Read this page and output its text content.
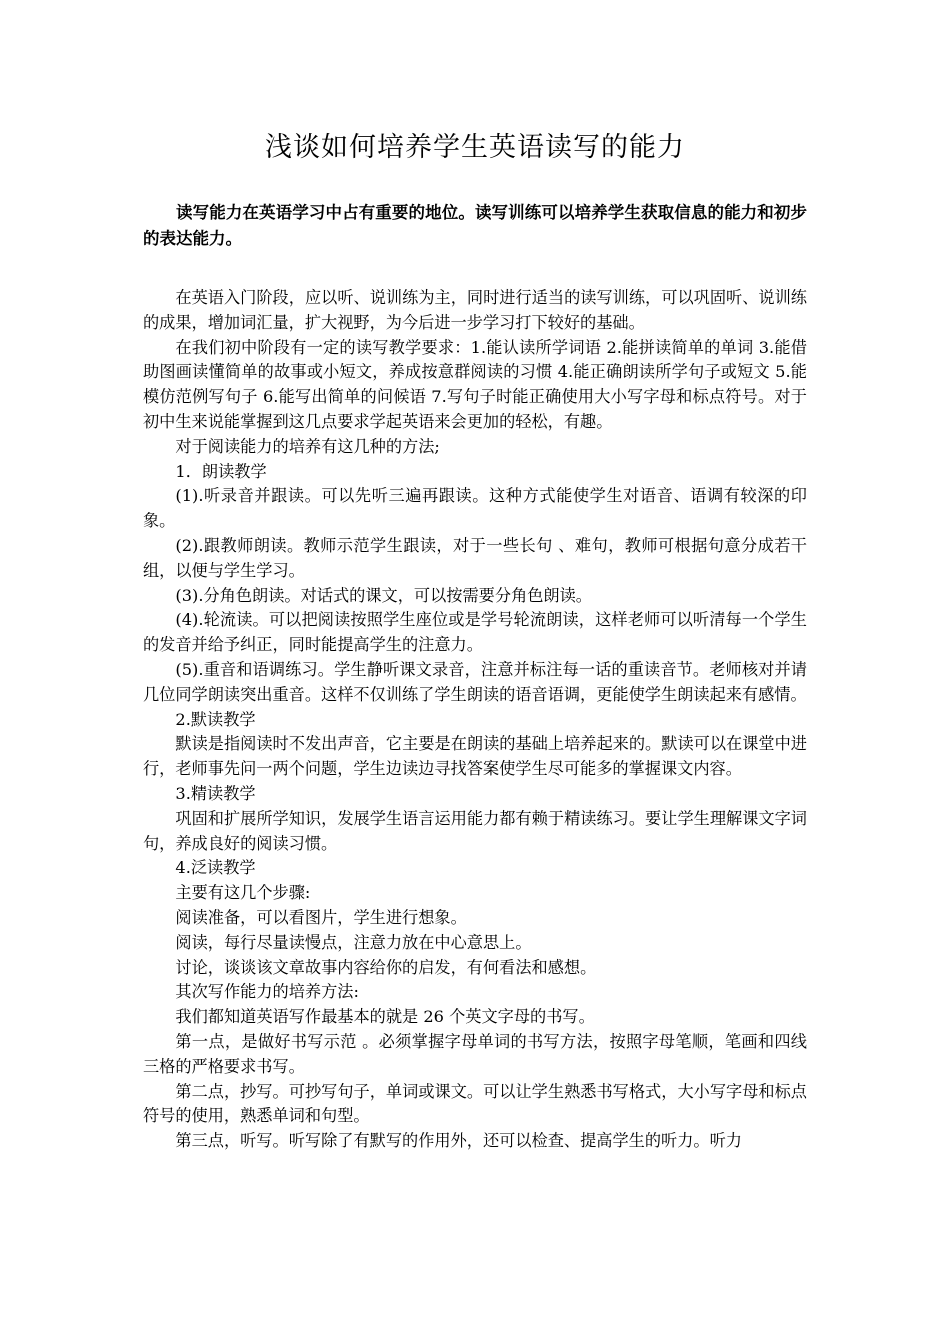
浅谈如何培养学生英语读写的能力

读写能力在英语学习中占有重要的地位。读写训练可以培养学生获取信息的能力和初步的表达能力。

在英语入门阶段，应以听、说训练为主，同时进行适当的读写训练，可以巩固听、说训练的成果，增加词汇量，扩大视野，为今后进一步学习打下较好的基础。

在我们初中阶段有一定的读写教学要求：1.能认读所学词语 2.能拼读简单的单词 3.能借助图画读懂简单的故事或小短文，养成按意群阅读的习惯 4.能正确朗读所学句子或短文 5.能模仿范例写句子 6.能写出简单的问候语 7.写句子时能正确使用大小写字母和标点符号。对于初中生来说能掌握到这几点要求学起英语来会更加的轻松，有趣。

对于阅读能力的培养有这几种的方法;

1．朗读教学

(1).听录音并跟读。可以先听三遍再跟读。这种方式能使学生对语音、语调有较深的印象。

(2).跟教师朗读。教师示范学生跟读，对于一些长句 、难句，教师可根据句意分成若干组，以便与学生学习。

(3).分角色朗读。对话式的课文，可以按需要分角色朗读。

(4).轮流读。可以把阅读按照学生座位或是学号轮流朗读，这样老师可以听清每一个学生的发音并给予纠正，同时能提高学生的注意力。

(5).重音和语调练习。学生静听课文录音，注意并标注每一话的重读音节。老师核对并请几位同学朗读突出重音。这样不仅训练了学生朗读的语音语调，更能使学生朗读起来有感情。

2.默读教学

默读是指阅读时不发出声音，它主要是在朗读的基础上培养起来的。默读可以在课堂中进行，老师事先问一两个问题，学生边读边寻找答案使学生尽可能多的掌握课文内容。

3.精读教学

巩固和扩展所学知识，发展学生语言运用能力都有赖于精读练习。要让学生理解课文字词句，养成良好的阅读习惯。

4.泛读教学

主要有这几个步骤:

阅读准备，可以看图片，学生进行想象。

阅读，每行尽量读慢点，注意力放在中心意思上。

讨论，谈谈该文章故事内容给你的启发，有何看法和感想。

其次写作能力的培养方法:

我们都知道英语写作最基本的就是 26 个英文字母的书写。

第一点，是做好书写示范 。必须掌握字母单词的书写方法，按照字母笔顺，笔画和四线三格的严格要求书写。

第二点，抄写。可抄写句子，单词或课文。可以让学生熟悉书写格式，大小写字母和标点符号的使用，熟悉单词和句型。

第三点，听写。听写除了有默写的作用外，还可以检查、提高学生的听力。听力
